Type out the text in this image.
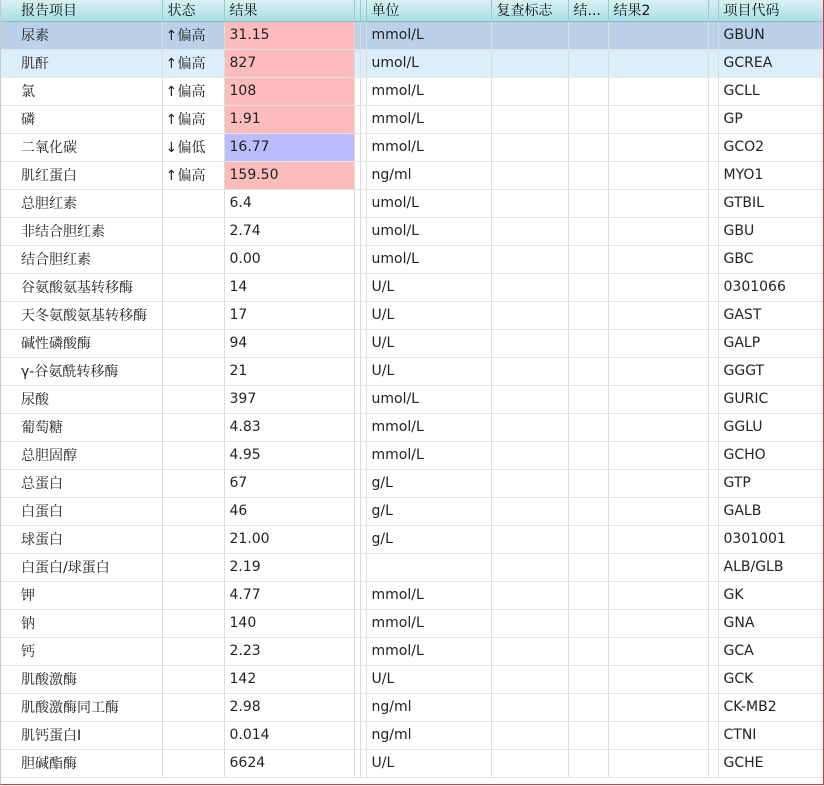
报告项目	状态	结果			单位	复查标志	结...	结果2		项目代码
尿素	↑偏高	31.15			mmol/L					GBUN
肌酐	↑偏高	827			umol/L					GCREA
氯	↑偏高	108			mmol/L					GCLL
磷	↑偏高	1.91			mmol/L					GP
二氧化碳	↓偏低	16.77			mmol/L					GCO2
肌红蛋白	↑偏高	159.50			ng/ml					MYO1
总胆红素		6.4			umol/L					GTBIL
非结合胆红素		2.74			umol/L					GBU
结合胆红素		0.00			umol/L					GBC
谷氨酸氨基转移酶		14			U/L					0301066
天冬氨酸氨基转移酶		17			U/L					GAST
碱性磷酸酶		94			U/L					GALP
γ-谷氨酰转移酶		21			U/L					GGGT
尿酸		397			umol/L					GURIC
葡萄糖		4.83			mmol/L					GGLU
总胆固醇		4.95			mmol/L					GCHO
总蛋白		67			g/L					GTP
白蛋白		46			g/L					GALB
球蛋白		21.00			g/L					0301001
白蛋白/球蛋白		2.19								ALB/GLB
钾		4.77			mmol/L					GK
钠		140			mmol/L					GNA
钙		2.23			mmol/L					GCA
肌酸激酶		142			U/L					GCK
肌酸激酶同工酶		2.98			ng/ml					CK-MB2
肌钙蛋白I		0.014			ng/ml					CTNI
胆碱酯酶		6624			U/L					GCHE
